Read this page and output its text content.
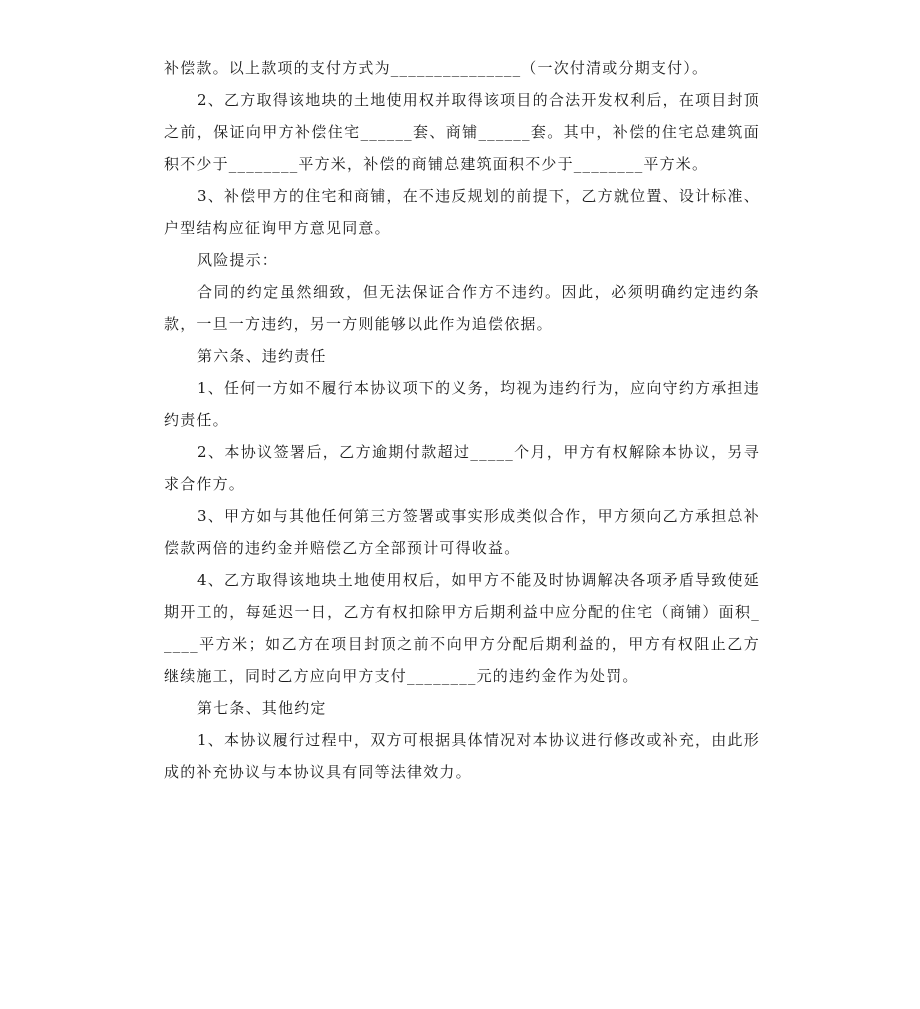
补偿款。以上款项的支付方式为_______________（一次付清或分期支付）。

2、乙方取得该地块的土地使用权并取得该项目的合法开发权利后，在项目封顶之前，保证向甲方补偿住宅______套、商铺______套。其中，补偿的住宅总建筑面积不少于________平方米，补偿的商铺总建筑面积不少于________平方米。

3、补偿甲方的住宅和商铺，在不违反规划的前提下，乙方就位置、设计标准、户型结构应征询甲方意见同意。

风险提示：

合同的约定虽然细致，但无法保证合作方不违约。因此，必须明确约定违约条款，一旦一方违约，另一方则能够以此作为追偿依据。

第六条、违约责任

1、任何一方如不履行本协议项下的义务，均视为违约行为，应向守约方承担违约责任。

2、本协议签署后，乙方逾期付款超过_____个月，甲方有权解除本协议，另寻求合作方。

3、甲方如与其他任何第三方签署或事实形成类似合作，甲方须向乙方承担总补偿款两倍的违约金并赔偿乙方全部预计可得收益。

4、乙方取得该地块土地使用权后，如甲方不能及时协调解决各项矛盾导致使延期开工的，每延迟一日，乙方有权扣除甲方后期利益中应分配的住宅（商铺）面积_____平方米；如乙方在项目封顶之前不向甲方分配后期利益的，甲方有权阻止乙方继续施工，同时乙方应向甲方支付________元的违约金作为处罚。

第七条、其他约定

1、本协议履行过程中，双方可根据具体情况对本协议进行修改或补充，由此形成的补充协议与本协议具有同等法律效力。
